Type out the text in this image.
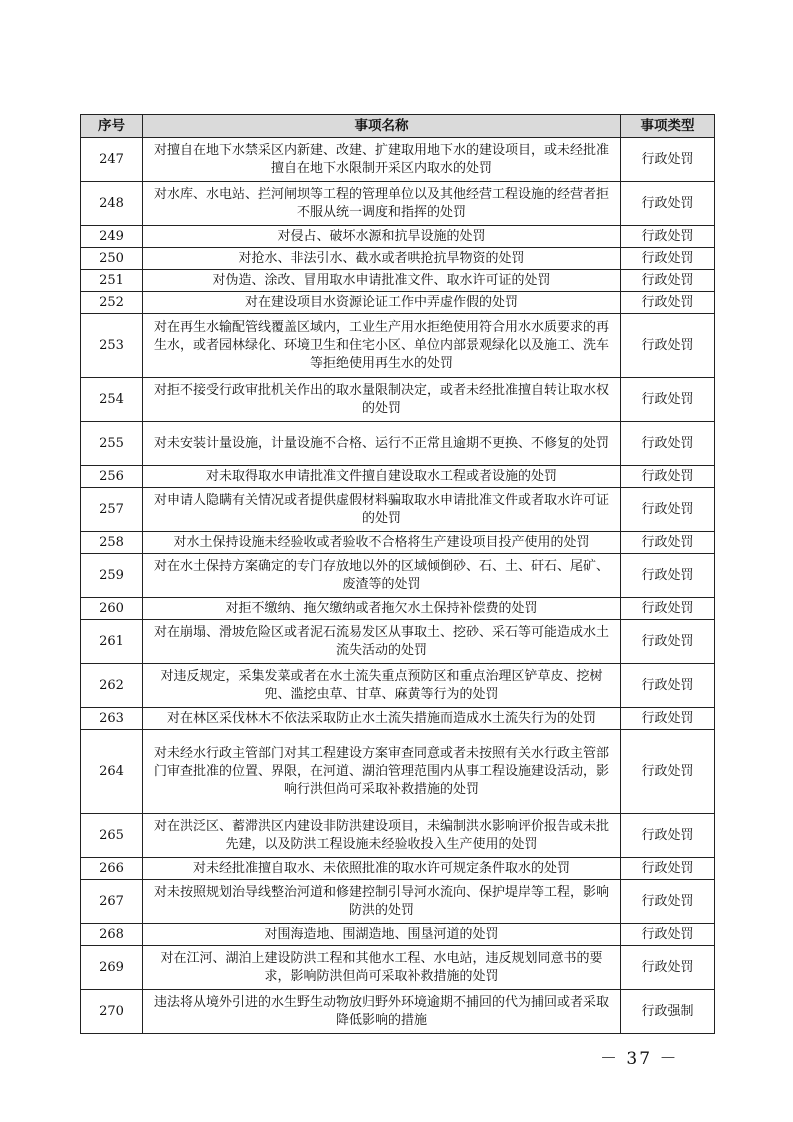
序号	事项名称	事项类型
247	对擅自在地下水禁采区内新建、改建、扩建取用地下水的建设项目，或未经批准擅自在地下水限制开采区内取水的处罚	行政处罚
248	对水库、水电站、拦河闸坝等工程的管理单位以及其他经营工程设施的经营者拒不服从统一调度和指挥的处罚	行政处罚
249	对侵占、破坏水源和抗旱设施的处罚	行政处罚
250	对抢水、非法引水、截水或者哄抢抗旱物资的处罚	行政处罚
251	对伪造、涂改、冒用取水申请批准文件、取水许可证的处罚	行政处罚
252	对在建设项目水资源论证工作中弄虚作假的处罚	行政处罚
253	对在再生水输配管线覆盖区域内，工业生产用水拒绝使用符合用水水质要求的再生水，或者园林绿化、环境卫生和住宅小区、单位内部景观绿化以及施工、洗车等拒绝使用再生水的处罚	行政处罚
254	对拒不接受行政审批机关作出的取水量限制决定，或者未经批准擅自转让取水权的处罚	行政处罚
255	对未安装计量设施，计量设施不合格、运行不正常且逾期不更换、不修复的处罚	行政处罚
256	对未取得取水申请批准文件擅自建设取水工程或者设施的处罚	行政处罚
257	对申请人隐瞒有关情况或者提供虚假材料骗取取水申请批准文件或者取水许可证的处罚	行政处罚
258	对水土保持设施未经验收或者验收不合格将生产建设项目投产使用的处罚	行政处罚
259	对在水土保持方案确定的专门存放地以外的区域倾倒砂、石、土、矸石、尾矿、废渣等的处罚	行政处罚
260	对拒不缴纳、拖欠缴纳或者拖欠水土保持补偿费的处罚	行政处罚
261	对在崩塌、滑坡危险区或者泥石流易发区从事取土、挖砂、采石等可能造成水土流失活动的处罚	行政处罚
262	对违反规定，采集发菜或者在水土流失重点预防区和重点治理区铲草皮、挖树兜、滥挖虫草、甘草、麻黄等行为的处罚	行政处罚
263	对在林区采伐林木不依法采取防止水土流失措施而造成水土流失行为的处罚	行政处罚
264	对未经水行政主管部门对其工程建设方案审查同意或者未按照有关水行政主管部门审查批准的位置、界限，在河道、湖泊管理范围内从事工程设施建设活动，影响行洪但尚可采取补救措施的处罚	行政处罚
265	对在洪泛区、蓄滞洪区内建设非防洪建设项目，未编制洪水影响评价报告或未批先建，以及防洪工程设施未经验收投入生产使用的处罚	行政处罚
266	对未经批准擅自取水、未依照批准的取水许可规定条件取水的处罚	行政处罚
267	对未按照规划治导线整治河道和修建控制引导河水流向、保护堤岸等工程，影响防洪的处罚	行政处罚
268	对围海造地、围湖造地、围垦河道的处罚	行政处罚
269	对在江河、湖泊上建设防洪工程和其他水工程、水电站，违反规划同意书的要求，影响防洪但尚可采取补救措施的处罚	行政处罚
270	违法将从境外引进的水生野生动物放归野外环境逾期不捕回的代为捕回或者采取降低影响的措施	行政强制
－ 37 －
